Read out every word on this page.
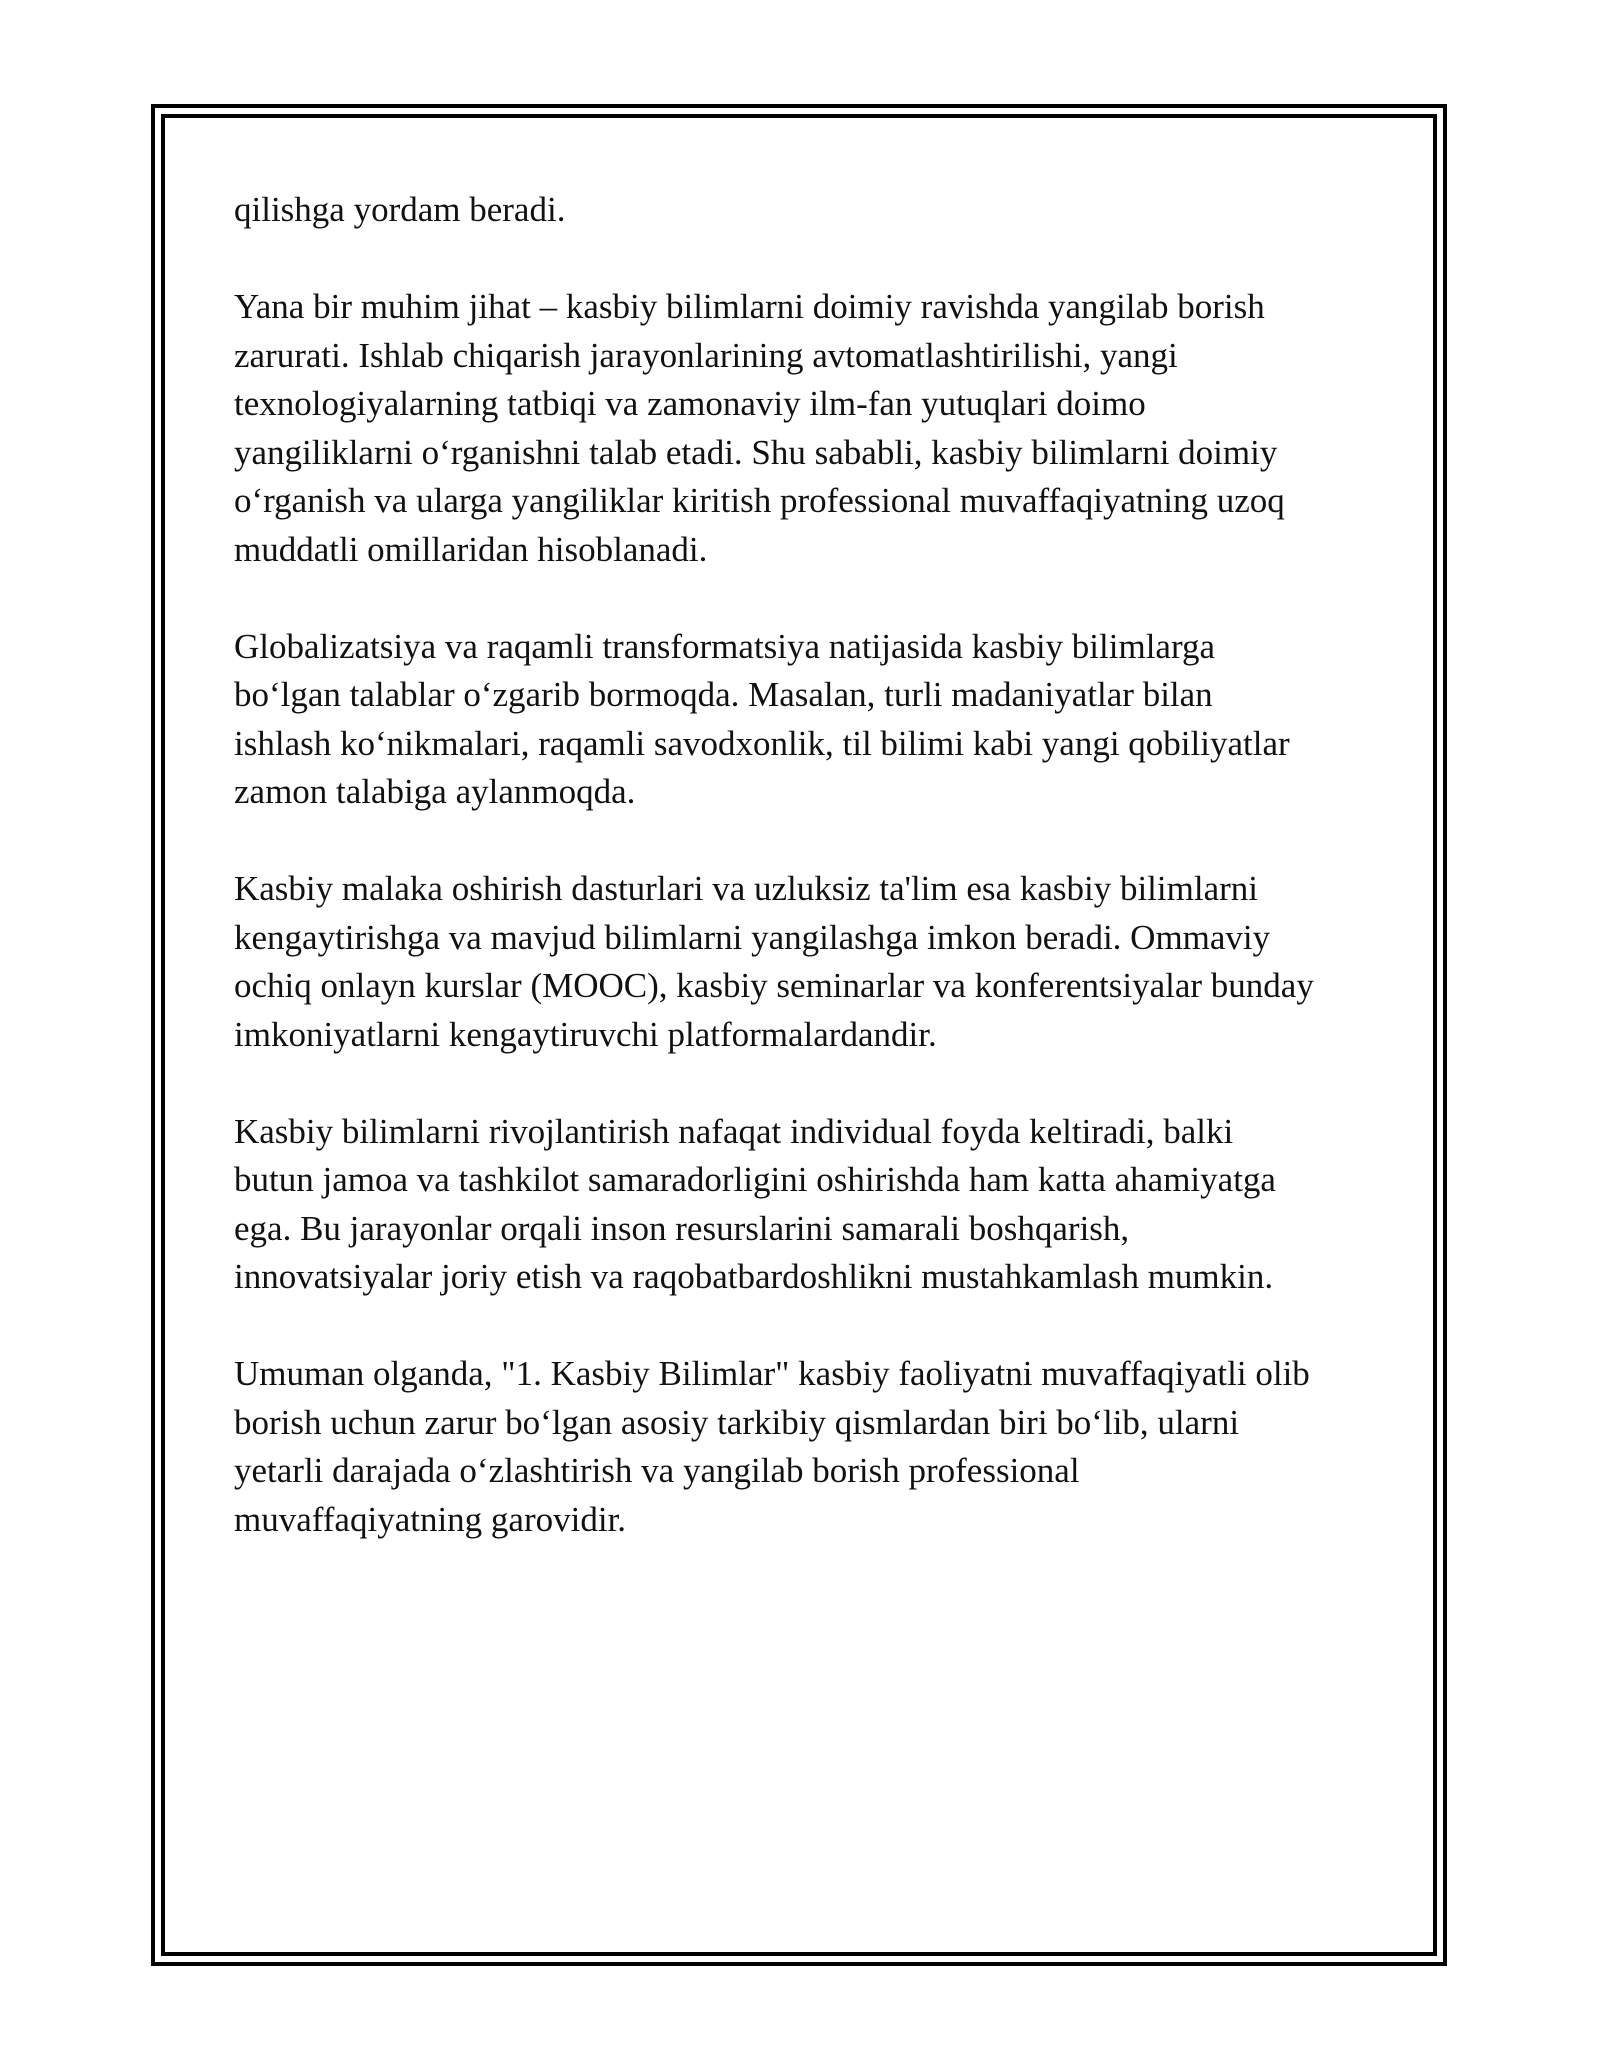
qilishga yordam beradi.

Yana bir muhim jihat – kasbiy bilimlarni doimiy ravishda yangilab borish
zarurati. Ishlab chiqarish jarayonlarining avtomatlashtirilishi, yangi
texnologiyalarning tatbiqi va zamonaviy ilm-fan yutuqlari doimo
yangiliklarni oʻrganishni talab etadi. Shu sababli, kasbiy bilimlarni doimiy
oʻrganish va ularga yangiliklar kiritish professional muvaffaqiyatning uzoq
muddatli omillaridan hisoblanadi.

Globalizatsiya va raqamli transformatsiya natijasida kasbiy bilimlarga
boʻlgan talablar oʻzgarib bormoqda. Masalan, turli madaniyatlar bilan
ishlash koʻnikmalari, raqamli savodxonlik, til bilimi kabi yangi qobiliyatlar
zamon talabiga aylanmoqda.

Kasbiy malaka oshirish dasturlari va uzluksiz ta'lim esa kasbiy bilimlarni
kengaytirishga va mavjud bilimlarni yangilashga imkon beradi. Ommaviy
ochiq onlayn kurslar (MOOC), kasbiy seminarlar va konferentsiyalar bunday
imkoniyatlarni kengaytiruvchi platformalardandir.

Kasbiy bilimlarni rivojlantirish nafaqat individual foyda keltiradi, balki
butun jamoa va tashkilot samaradorligini oshirishda ham katta ahamiyatga
ega. Bu jarayonlar orqali inson resurslarini samarali boshqarish,
innovatsiyalar joriy etish va raqobatbardoshlikni mustahkamlash mumkin.

Umuman olganda, "1. Kasbiy Bilimlar" kasbiy faoliyatni muvaffaqiyatli olib
borish uchun zarur boʻlgan asosiy tarkibiy qismlardan biri boʻlib, ularni
yetarli darajada oʻzlashtirish va yangilab borish professional
muvaffaqiyatning garovidir.
